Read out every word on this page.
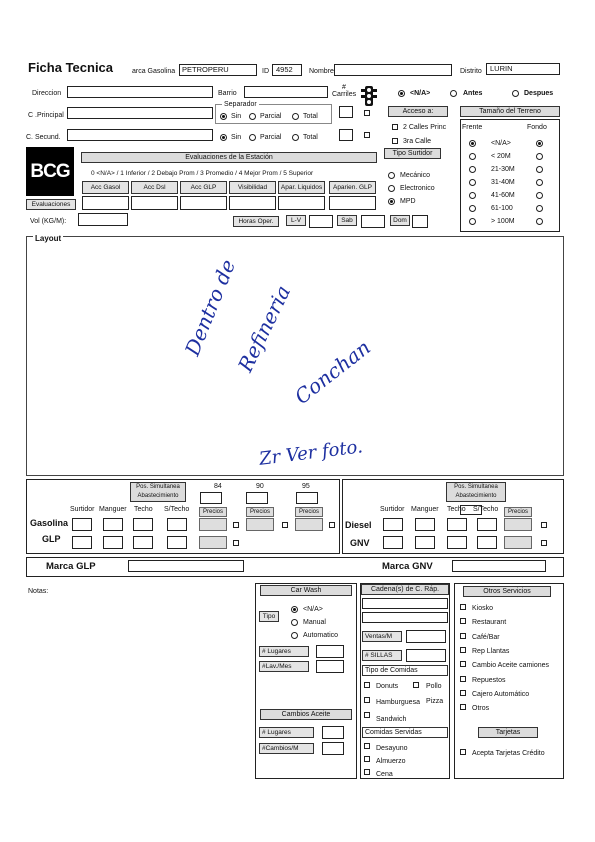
Ficha Tecnica	arca Gasolina PETROPERU	ID 4952	Nombre	Distrito	LURIN
Direccion	Barrio
# Carriles	<N/A>	Antes	Despues
C .Principal
C. Secund.
Separador
Sin	Parcial	Total
Sin	Parcial	Total
Acceso a:
2 Calles Princ
3ra Calle
Tipo Surtidor
Mecánico
Electronico
MPD
Tamaño del Terreno
Frente	Fondo
<N/A>
< 20M
21-30M
31-40M
41-60M
61-100
> 100M
BCG
Evaluaciones
Vol (KG/M):
Evaluaciones de la Estación
0 <N/A> / 1 Inferior / 2 Debajo Prom / 3 Promedio / 4 Mejor Prom / 5 Superior
Acc Gasol	Acc Dsl	Acc GLP	Visibilidad	Apar. Liquidos	Aparien. GLP
Horas Oper.	L-V	Sab	Dom
Layout
Dentro de
Refineria
Conchan
Zr Ver foto.
Pos. Simultanea Abastecimiento
84	90	95
Surtidor Manguer Techo S/Techo	Precios	Precios	Precios
Gasolina
GLP
Pos. Simultanea Abastecimiento
Surtidor Manguer Techo S/Techo	Precios
Diesel
GNV
Marca GLP	Marca GNV
Notas:	Car Wash
Tipo
<N/A>
Manual
Automatico
# Lugares
#Lav./Mes
Cambios Aceite
# Lugares
#Cambios/M
Cadena(s) de C. Ráp.
Ventas/M
# SILLAS
Tipo de Comidas
Donuts	Pollo
Hamburguesa Pizza
Sandwich
Comidas Servidas
Desayuno
Almuerzo
Cena
Otros Servicios
Kiosko
Restaurant
Café/Bar
Rep Llantas
Cambio Aceite camiones
Repuestos
Cajero Automático
Otros
Tarjetas
Acepta Tarjetas Crédito
